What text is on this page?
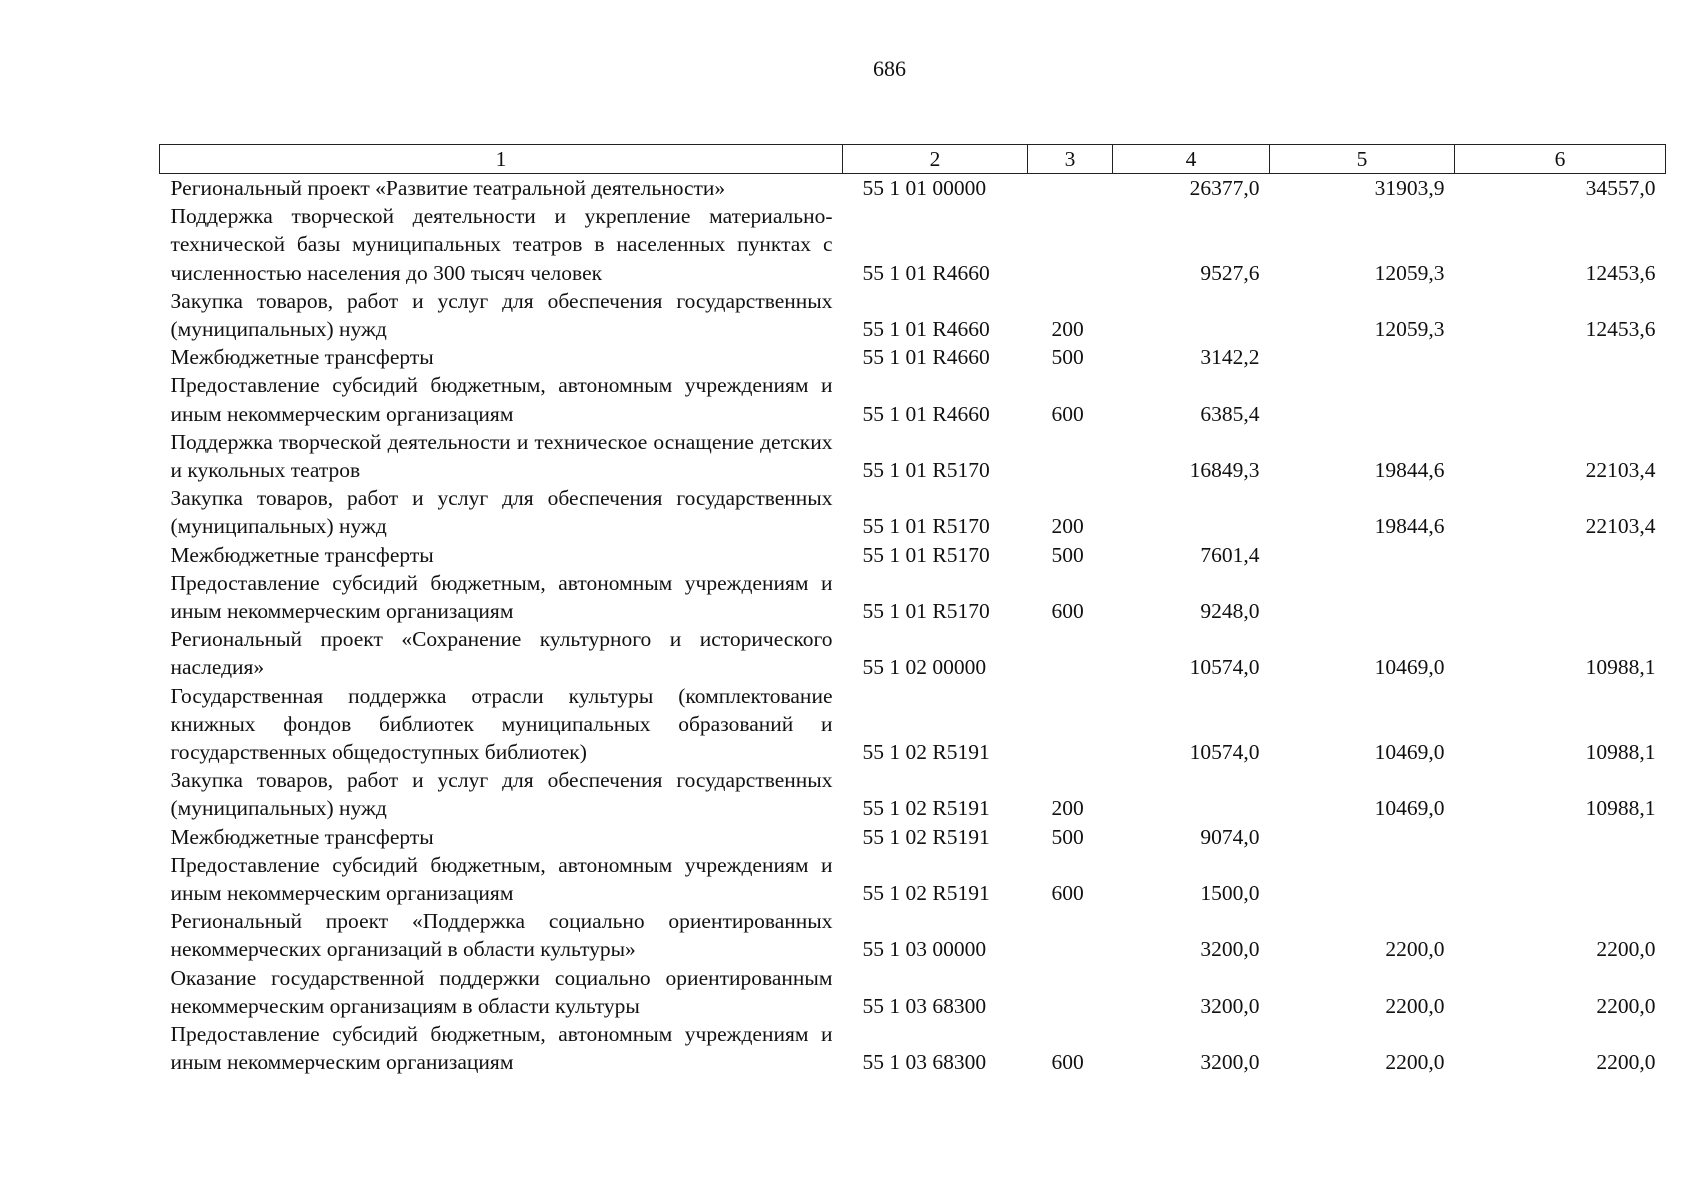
686
1	2	3	4	5	6
Региональный проект «Развитие театральной деятельности»	55 1 01 00000		26377,0	31903,9	34557,0
Поддержка творческой деятельности и укрепление материально-технической базы муниципальных театров в населенных пунктах с численностью населения до 300 тысяч человек	55 1 01 R4660		9527,6	12059,3	12453,6
Закупка товаров, работ и услуг для обеспечения государственных (муниципальных) нужд	55 1 01 R4660	200		12059,3	12453,6
Межбюджетные трансферты	55 1 01 R4660	500	3142,2		
Предоставление субсидий бюджетным, автономным учреждениям и иным некоммерческим организациям	55 1 01 R4660	600	6385,4		
Поддержка творческой деятельности и техническое оснащение детских и кукольных театров	55 1 01 R5170		16849,3	19844,6	22103,4
Закупка товаров, работ и услуг для обеспечения государственных (муниципальных) нужд	55 1 01 R5170	200		19844,6	22103,4
Межбюджетные трансферты	55 1 01 R5170	500	7601,4		
Предоставление субсидий бюджетным, автономным учреждениям и иным некоммерческим организациям	55 1 01 R5170	600	9248,0		
Региональный проект «Сохранение культурного и исторического наследия»	55 1 02 00000		10574,0	10469,0	10988,1
Государственная поддержка отрасли культуры (комплектование книжных фондов библиотек муниципальных образований и государственных общедоступных библиотек)	55 1 02 R5191		10574,0	10469,0	10988,1
Закупка товаров, работ и услуг для обеспечения государственных (муниципальных) нужд	55 1 02 R5191	200		10469,0	10988,1
Межбюджетные трансферты	55 1 02 R5191	500	9074,0		
Предоставление субсидий бюджетным, автономным учреждениям и иным некоммерческим организациям	55 1 02 R5191	600	1500,0		
Региональный проект «Поддержка социально ориентированных некоммерческих организаций в области культуры»	55 1 03 00000		3200,0	2200,0	2200,0
Оказание государственной поддержки социально ориентированным некоммерческим организациям в области культуры	55 1 03 68300		3200,0	2200,0	2200,0
Предоставление субсидий бюджетным, автономным учреждениям и иным некоммерческим организациям	55 1 03 68300	600	3200,0	2200,0	2200,0
